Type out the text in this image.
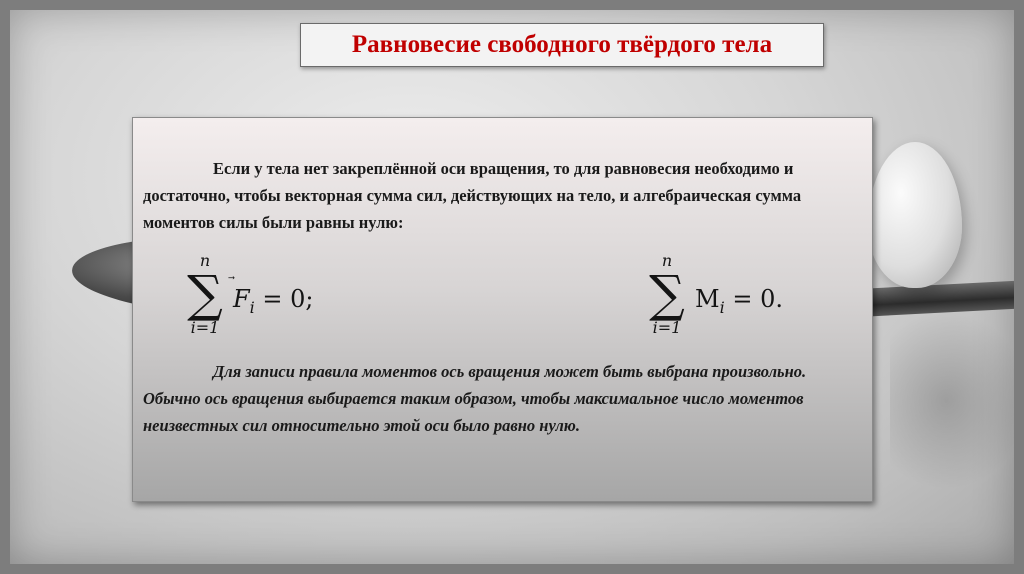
Равновесие свободного твёрдого тела
Если у тела нет закреплённой оси вращения, то для равновесия необходимо и достаточно, чтобы векторная сумма сил, действующих на тело, и алгебраическая сумма моментов силы были равны нулю:
n
∑
i=1
$F_i = 0$;
n
∑
i=1
$M_i = 0$.
Для записи правила моментов ось вращения может быть выбрана произвольно. Обычно ось вращения выбирается таким образом, чтобы максимальное число моментов неизвестных сил относительно этой оси было равно нулю.
